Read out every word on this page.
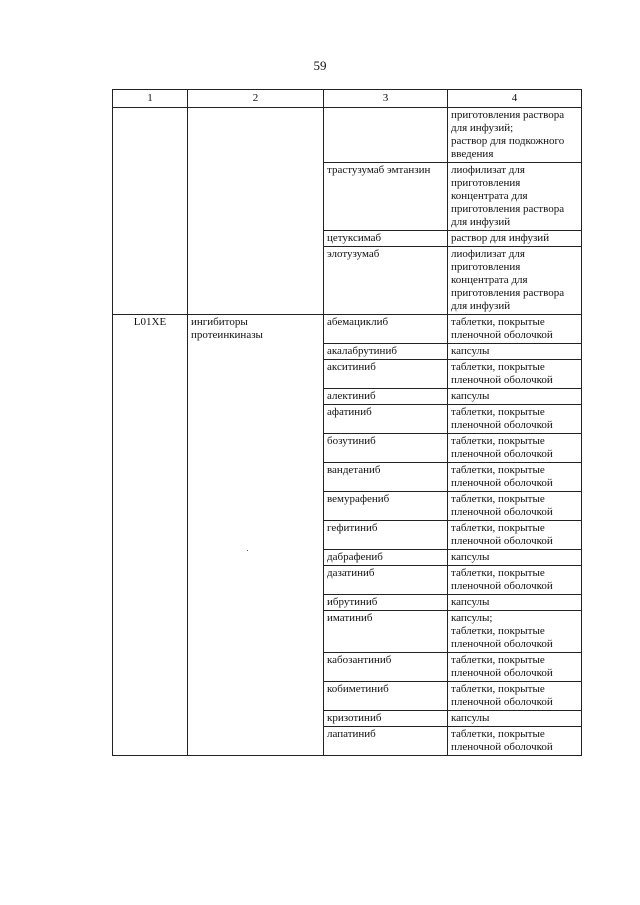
59
1	2	3	4

			приготовления раствора
для инфузий;
раствор для подкожного
введения

		трастузумаб эмтанзин	лиофилизат для
приготовления
концентрата для
приготовления раствора
для инфузий

		цетуксимаб	раствор для инфузий

		элотузумаб	лиофилизат для
приготовления
концентрата для
приготовления раствора
для инфузий

L01XE	ингибиторы
протеинкиназы	абемациклиб	таблетки, покрытые
пленочной оболочкой

		акалабрутиниб	капсулы

		акситиниб	таблетки, покрытые
пленочной оболочкой

		алектиниб	капсулы

		афатиниб	таблетки, покрытые
пленочной оболочкой

		бозутиниб	таблетки, покрытые
пленочной оболочкой

		вандетаниб	таблетки, покрытые
пленочной оболочкой

		вемурафениб	таблетки, покрытые
пленочной оболочкой

		гефитиниб	таблетки, покрытые
пленочной оболочкой

		дабрафениб	капсулы

		дазатиниб	таблетки, покрытые
пленочной оболочкой

		ибрутиниб	капсулы

		иматиниб	капсулы;
таблетки, покрытые
пленочной оболочкой

		кабозантиниб	таблетки, покрытые
пленочной оболочкой

		кобиметиниб	таблетки, покрытые
пленочной оболочкой

		кризотиниб	капсулы

		лапатиниб	таблетки, покрытые
пленочной оболочкой
